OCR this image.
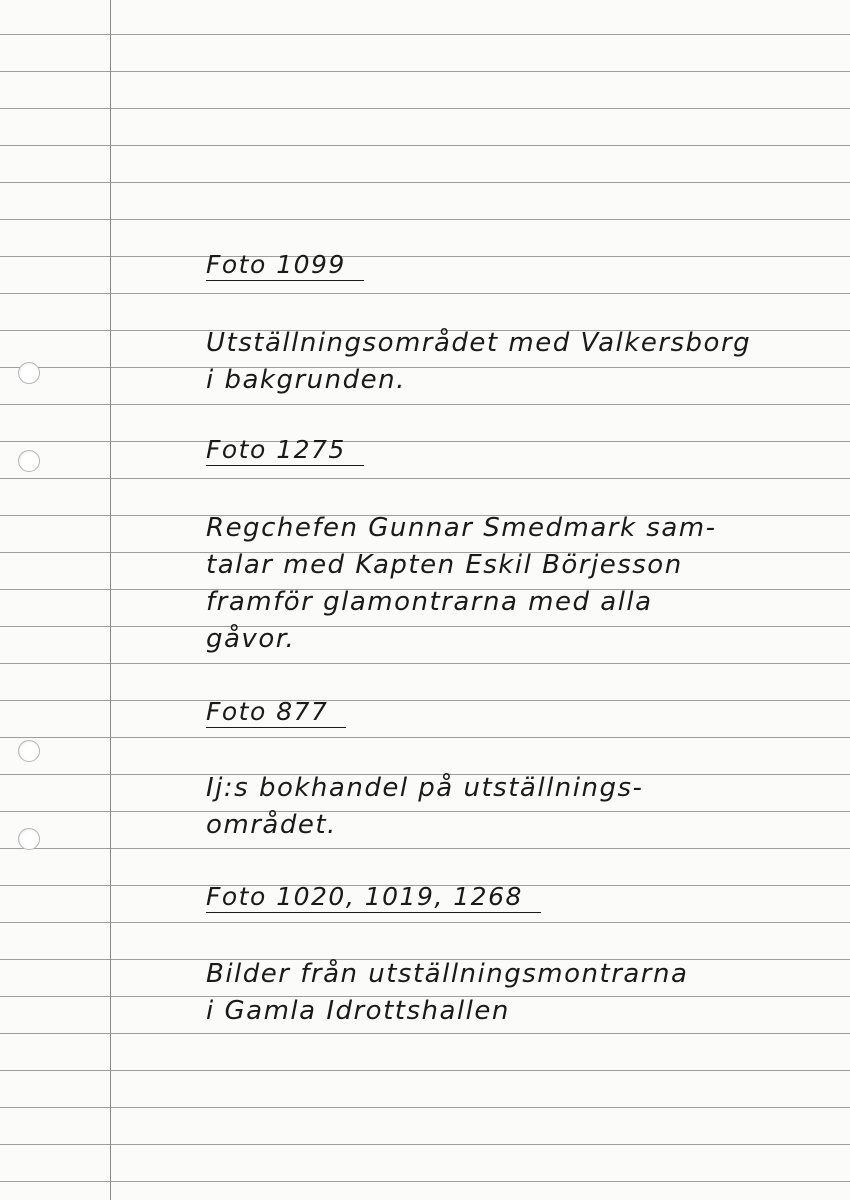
Foto 1099
Utställningsområdet med Valkersborg
i bakgrunden.
Foto 1275
Regchefen Gunnar Smedmark sam-
talar med Kapten Eskil Börjesson
framför glamontrarna med alla
gåvor.
Foto 877
Ij:s bokhandel på utställnings-
området.
Foto 1020, 1019, 1268
Bilder från utställningsmontrarna
i Gamla Idrottshallen
